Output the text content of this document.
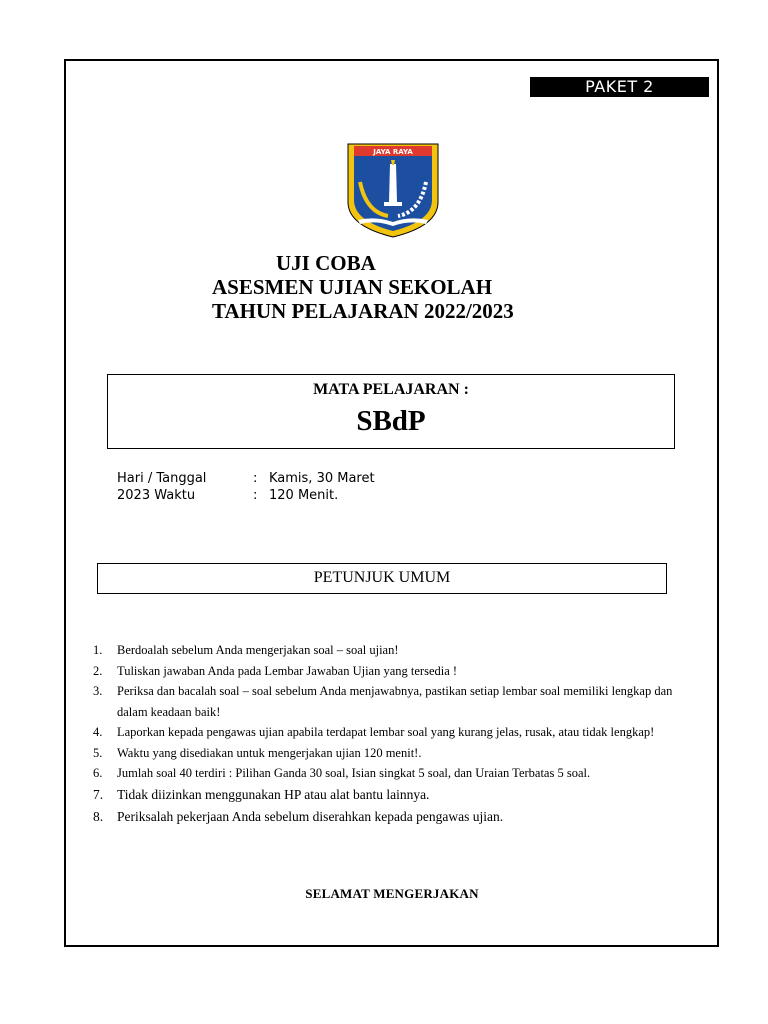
PAKET 2
JAYA RAYA
UJI COBA
ASESMEN UJIAN SEKOLAH
TAHUN PELAJARAN 2022/2023
MATA PELAJARAN :
SBdP
Hari / Tanggal	: Kamis, 30 Maret
2023 Waktu	: 120 Menit.
PETUNJUK UMUM
1. Berdoalah sebelum Anda mengerjakan soal – soal ujian!
2. Tuliskan jawaban Anda pada Lembar Jawaban Ujian yang tersedia !
3. Periksa dan bacalah soal – soal sebelum Anda menjawabnya, pastikan setiap lembar soal memiliki lengkap dan dalam keadaan baik!
4. Laporkan kepada pengawas ujian apabila terdapat lembar soal yang kurang jelas, rusak, atau tidak lengkap!
5. Waktu yang disediakan untuk mengerjakan ujian 120 menit!.
6. Jumlah soal 40 terdiri : Pilihan Ganda 30 soal, Isian singkat 5 soal, dan Uraian Terbatas 5 soal.
7. Tidak diizinkan menggunakan HP atau alat bantu lainnya.
8. Periksalah pekerjaan Anda sebelum diserahkan kepada pengawas ujian.
SELAMAT MENGERJAKAN
